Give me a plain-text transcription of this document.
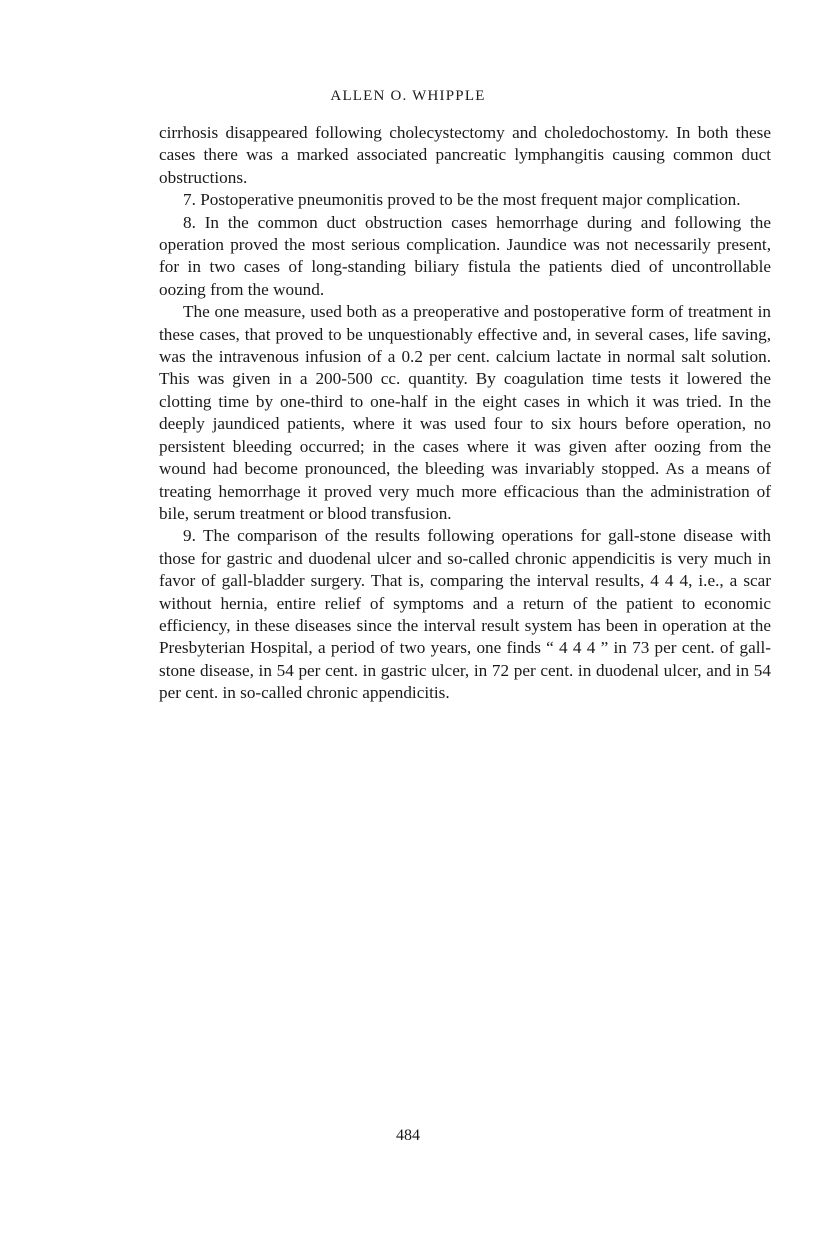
ALLEN O. WHIPPLE

cirrhosis disappeared following cholecystectomy and choledochostomy. In both these cases there was a marked associated pancreatic lymphangitis causing common duct obstructions.

7. Postoperative pneumonitis proved to be the most frequent major complication.

8. In the common duct obstruction cases hemorrhage during and following the operation proved the most serious complication. Jaundice was not necessarily present, for in two cases of long-standing biliary fistula the patients died of uncontrollable oozing from the wound.

The one measure, used both as a preoperative and postoperative form of treatment in these cases, that proved to be unquestionably effective and, in several cases, life saving, was the intravenous infusion of a 0.2 per cent. calcium lactate in normal salt solution. This was given in a 200-500 cc. quantity. By coagulation time tests it lowered the clotting time by one-third to one-half in the eight cases in which it was tried. In the deeply jaundiced patients, where it was used four to six hours before operation, no persistent bleeding occurred; in the cases where it was given after oozing from the wound had become pronounced, the bleeding was invariably stopped. As a means of treating hemorrhage it proved very much more efficacious than the administration of bile, serum treatment or blood transfusion.

9. The comparison of the results following operations for gall-stone disease with those for gastric and duodenal ulcer and so-called chronic appendicitis is very much in favor of gall-bladder surgery. That is, comparing the interval results, 4 4 4, i.e., a scar without hernia, entire relief of symptoms and a return of the patient to economic efficiency, in these diseases since the interval result system has been in operation at the Presbyterian Hospital, a period of two years, one finds “ 4 4 4 ” in 73 per cent. of gall-stone disease, in 54 per cent. in gastric ulcer, in 72 per cent. in duodenal ulcer, and in 54 per cent. in so-called chronic appendicitis.

484
